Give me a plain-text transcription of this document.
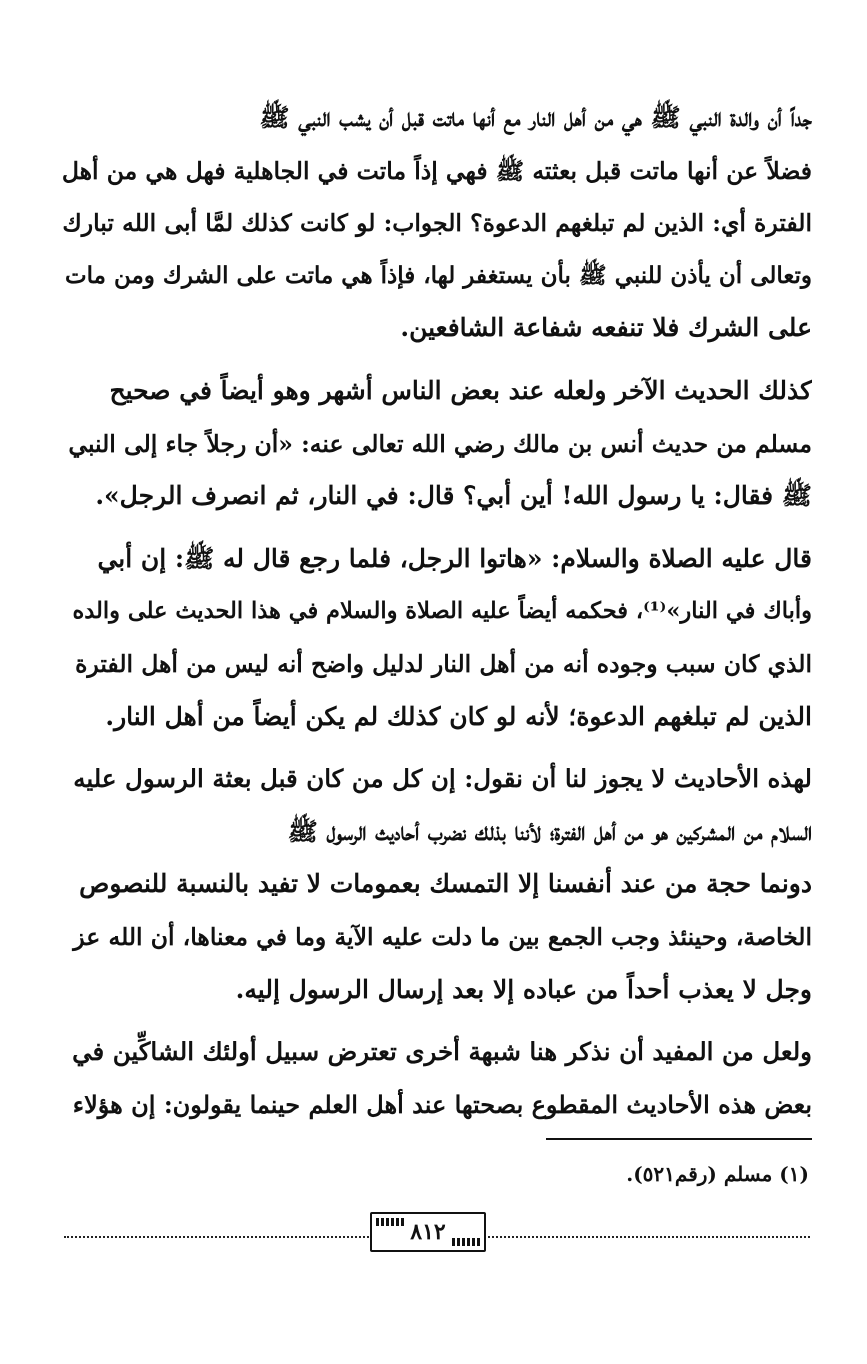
جداً أن والدة النبي ﷺ هي من أهل النار مع أنها ماتت قبل أن يشب النبي ﷺ
فضلاً عن أنها ماتت قبل بعثته ﷺ فهي إذاً ماتت في الجاهلية فهل هي من أهل
الفترة أي: الذين لم تبلغهم الدعوة؟ الجواب: لو كانت كذلك لمَّا أبى الله تبارك
وتعالى أن يأذن للنبي ﷺ بأن يستغفر لها، فإذاً هي ماتت على الشرك ومن مات
على الشرك فلا تنفعه شفاعة الشافعين.

كذلك الحديث الآخر ولعله عند بعض الناس أشهر وهو أيضاً في صحيح
مسلم من حديث أنس بن مالك رضي الله تعالى عنه: «أن رجلاً جاء إلى النبي
ﷺ فقال: يا رسول الله! أين أبي؟ قال: في النار، ثم انصرف الرجل».

قال عليه الصلاة والسلام: «هاتوا الرجل، فلما رجع قال له ﷺ: إن أبي
وأباك في النار»⁽¹⁾، فحكمه أيضاً عليه الصلاة والسلام في هذا الحديث على والده
الذي كان سبب وجوده أنه من أهل النار لدليل واضح أنه ليس من أهل الفترة
الذين لم تبلغهم الدعوة؛ لأنه لو كان كذلك لم يكن أيضاً من أهل النار.

لهذه الأحاديث لا يجوز لنا أن نقول: إن كل من كان قبل بعثة الرسول عليه
السلام من المشركين هو من أهل الفترة؛ لأننا بذلك نضرب أحاديث الرسول ﷺ
دونما حجة من عند أنفسنا إلا التمسك بعمومات لا تفيد بالنسبة للنصوص
الخاصة، وحينئذ وجب الجمع بين ما دلت عليه الآية وما في معناها، أن الله عز
وجل لا يعذب أحداً من عباده إلا بعد إرسال الرسول إليه.

ولعل من المفيد أن نذكر هنا شبهة أخرى تعترض سبيل أولئك الشاكِّين في
بعض هذه الأحاديث المقطوع بصحتها عند أهل العلم حينما يقولون: إن هؤلاء

(١) مسلم (رقم٥٢١).
٨١٢
